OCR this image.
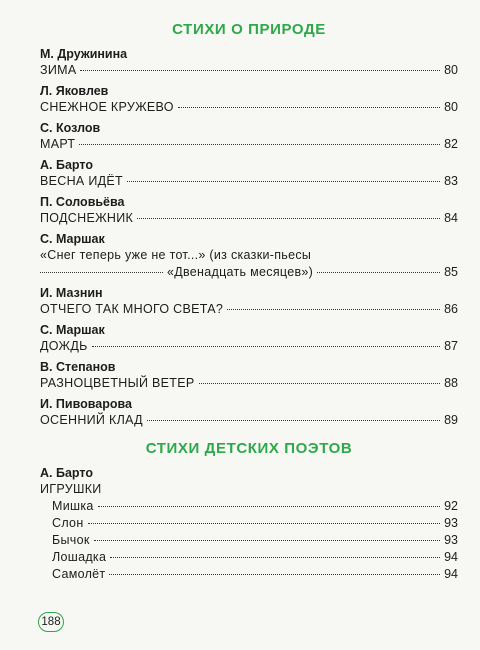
СТИХИ О ПРИРОДЕ
М. Дружинина
ЗИМА	80
Л. Яковлев
СНЕЖНОЕ КРУЖЕВО	80
С. Козлов
МАРТ	82
А. Барто
ВЕСНА ИДЁТ	83
П. Соловьёва
ПОДСНЕЖНИК	84
С. Маршак
«Снег теперь уже не тот...» (из сказки-пьесы
«Двенадцать месяцев»)	85
И. Мазнин
ОТЧЕГО ТАК МНОГО СВЕТА?	86
С. Маршак
ДОЖДЬ	87
В. Степанов
РАЗНОЦВЕТНЫЙ ВЕТЕР	88
И. Пивоварова
ОСЕННИЙ КЛАД	89
СТИХИ ДЕТСКИХ ПОЭТОВ
А. Барто
ИГРУШКИ
Мишка	92
Слон	93
Бычок	93
Лошадка	94
Самолёт	94
188
